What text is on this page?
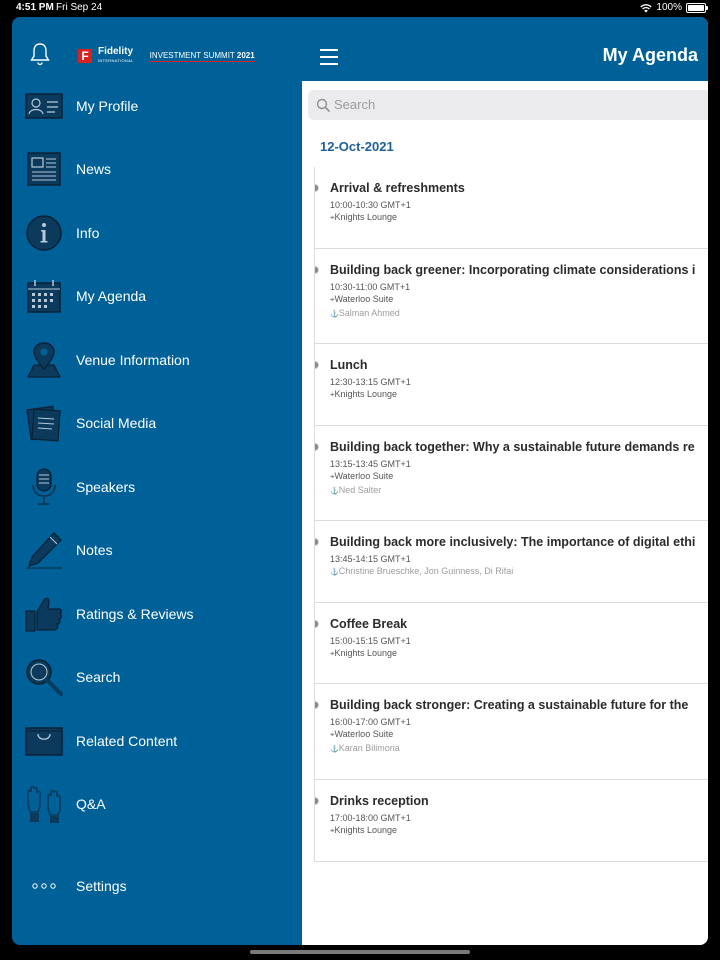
4:51 PM Fri Sep 24	100%
F Fidelity
INTERNATIONAL
INVESTMENT SUMMIT 2021
My Profile
News
Info
My Agenda
Venue Information
Social Media
Speakers
Notes
Ratings & Reviews
Search
Related Content
Q&A
Settings
My Agenda
Search
12-Oct-2021
Arrival & refreshments
10:00-10:30 GMT+1
⌖ Knights Lounge
Building back greener: Incorporating climate considerations i
10:30-11:00 GMT+1
⌖ Waterloo Suite
⚓ Salman Ahmed
Lunch
12:30-13:15 GMT+1
⌖ Knights Lounge
Building back together: Why a sustainable future demands re
13:15-13:45 GMT+1
⌖ Waterloo Suite
⚓ Ned Salter
Building back more inclusively: The importance of digital ethi
13:45-14:15 GMT+1
⚓ Christine Brueschke, Jon Guinness, Di Rifai
Coffee Break
15:00-15:15 GMT+1
⌖ Knights Lounge
Building back stronger: Creating a sustainable future for the
16:00-17:00 GMT+1
⌖ Waterloo Suite
⚓ Karan Bilimoria
Drinks reception
17:00-18:00 GMT+1
⌖ Knights Lounge
